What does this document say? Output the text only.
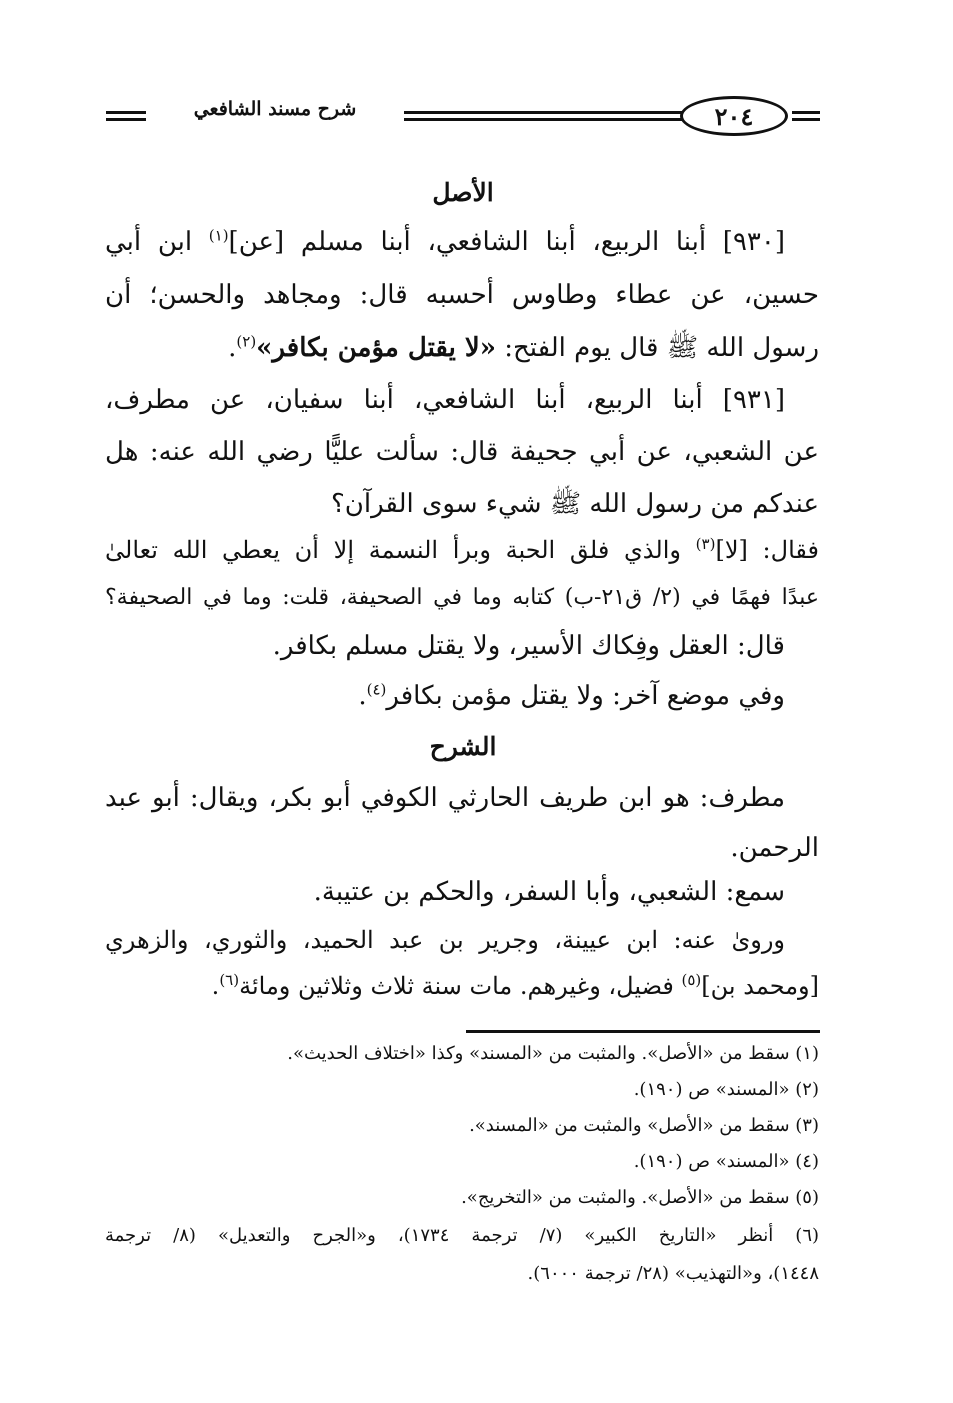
شرح مسند الشافعي	٢٠٤
الأصل
[٩٣٠] أبنا الربيع، أبنا الشافعي، أبنا مسلم [عن]$^{(١)}$ ابن أبي
حسين، عن عطاء وطاوس أحسبه قال: ومجاهد والحسن؛ أن
رسول الله ﷺ قال يوم الفتح: «لا يقتل مؤمن بكافر»$^{(٢)}$.
[٩٣١] أبنا الربيع، أبنا الشافعي، أبنا سفيان، عن مطرف،
عن الشعبي، عن أبي جحيفة قال: سألت عليًّا رضي الله عنه: هل
عندكم من رسول الله ﷺ شيء سوى القرآن؟
فقال: [لا]$^{(٣)}$ والذي فلق الحبة وبرأ النسمة إلا أن يعطي الله تعالىٰ
عبدًا فهمًا في (٢/ ق٢١-ب) كتابه وما في الصحيفة، قلت: وما في الصحيفة؟
قال: العقل وفِكاك الأسير، ولا يقتل مسلم بكافر.
وفي موضع آخر: ولا يقتل مؤمن بكافر$^{(٤)}$.
الشرح
مطرف: هو ابن طريف الحارثي الكوفي أبو بكر، ويقال: أبو عبد
الرحمن.
سمع: الشعبي، وأبا السفر، والحكم بن عتيبة.
وروىٰ عنه: ابن عيينة، وجرير بن عبد الحميد، والثوري، والزهري
[ومحمد بن]$^{(٥)}$ فضيل، وغيرهم. مات سنة ثلاث وثلاثين ومائة$^{(٦)}$.
(١) سقط من «الأصل». والمثبت من «المسند» وكذا «اختلاف الحديث».
(٢) «المسند» ص (١٩٠).
(٣) سقط من «الأصل» والمثبت من «المسند».
(٤) «المسند» ص (١٩٠).
(٥) سقط من «الأصل». والمثبت من «التخريج».
(٦) أنظر «التاريخ الكبير» (٧/ ترجمة ١٧٣٤)، و«الجرح والتعديل» (٨/ ترجمة
١٤٤٨)، و«التهذيب» (٢٨/ ترجمة ٦٠٠٠).
